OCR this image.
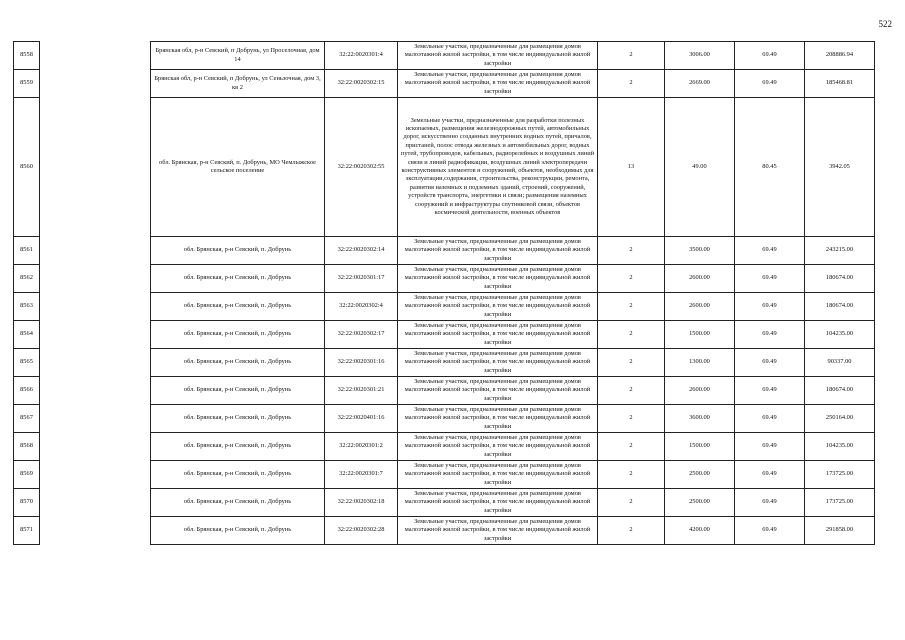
522
8558		Брянская обл, р-н Севский, п Добрунь, ул Проселочная, дом 14	32:22:0020301:4	Земельные участки, предназначенные для размещения домов малоэтажной жилой застройки, в том числе индивидуальной жилой застройки	2	3006.00	69.49	208886.94
8559		Брянская обл, р-н Севский, п Добрунь, ул Сеньзочная, дом 3, кв 2	32:22:0020302:15	Земельные участки, предназначенные для размещения домов малоэтажной жилой застройки, в том числе индивидуальной жилой застройки	2	2669.00	69.49	185468.81
8560		обл. Брянская, р-н Севский, п. Добрунь, МО Чемлыжское сельское поселение	32:22:0020302:55	Земельные участки, предназначенные для разработки полезных ископаемых, размещения железнодорожных путей, автомобильных дорог, искусственно созданных внутренних водных путей, причалов, пристаней, полос отвода железных и автомобильных дорог, водных путей, трубопроводов, кабельных, радиорелейных и воздушных линий связи и линий радиофикации, воздушных линий электропередачи конструктивных элементов и сооружений, объектов, необходимых для эксплуатации,содержания, строительства, реконструкции, ремонта, развития наземных и подземных зданий, строений, сооружений, устройств транспорта, энергетики и связи; размещения наземных сооружений и инфраструктуры спутниковой связи, объектов космической деятельности, военных объектов	13	49.00	80.45	3942.05
8561		обл. Брянская, р-н Севский, п. Добрунь	32:22:0020302:14	Земельные участки, предназначенные для размещения домов малоэтажной жилой застройки, в том числе индивидуальной жилой застройки	2	3500.00	69.49	243215.00
8562		обл. Брянская, р-н Севский, п. Добрунь	32:22:0020301:17	Земельные участки, предназначенные для размещения домов малоэтажной жилой застройки, в том числе индивидуальной жилой застройки	2	2600.00	69.49	180674.00
8563		обл. Брянская, р-н Севский, п. Добрунь	32:22:0020302:4	Земельные участки, предназначенные для размещения домов малоэтажной жилой застройки, в том числе индивидуальной жилой застройки	2	2600.00	69.49	180674.00
8564		обл. Брянская, р-н Севский, п. Добрунь	32:22:0020302:17	Земельные участки, предназначенные для размещения домов малоэтажной жилой застройки, в том числе индивидуальной жилой застройки	2	1500.00	69.49	104235.00
8565		обл. Брянская, р-н Севский, п. Добрунь	32:22:0020301:16	Земельные участки, предназначенные для размещения домов малоэтажной жилой застройки, в том числе индивидуальной жилой застройки	2	1300.00	69.49	90337.00
8566		обл. Брянская, р-н Севский, п. Добрунь	32:22:0020301:21	Земельные участки, предназначенные для размещения домов малоэтажной жилой застройки, в том числе индивидуальной жилой застройки	2	2600.00	69.49	180674.00
8567		обл. Брянская, р-н Севский, п. Добрунь	32:22:0020401:16	Земельные участки, предназначенные для размещения домов малоэтажной жилой застройки, в том числе индивидуальной жилой застройки	2	3600.00	69.49	250164.00
8568		обл. Брянская, р-н Севский, п. Добрунь	32:22:0020301:2	Земельные участки, предназначенные для размещения домов малоэтажной жилой застройки, в том числе индивидуальной жилой застройки	2	1500.00	69.49	104235.00
8569		обл. Брянская, р-н Севский, п. Добрунь	32:22:0020301:7	Земельные участки, предназначенные для размещения домов малоэтажной жилой застройки, в том числе индивидуальной жилой застройки	2	2500.00	69.49	173725.00
8570		обл. Брянская, р-н Севский, п. Добрунь	32:22:0020302:18	Земельные участки, предназначенные для размещения домов малоэтажной жилой застройки, в том числе индивидуальной жилой застройки	2	2500.00	69.49	173725.00
8571		обл. Брянская, р-н Севский, п. Добрунь	32:22:0020302:28	Земельные участки, предназначенные для размещения домов малоэтажной жилой застройки, в том числе индивидуальной жилой застройки	2	4200.00	69.49	291858.00
